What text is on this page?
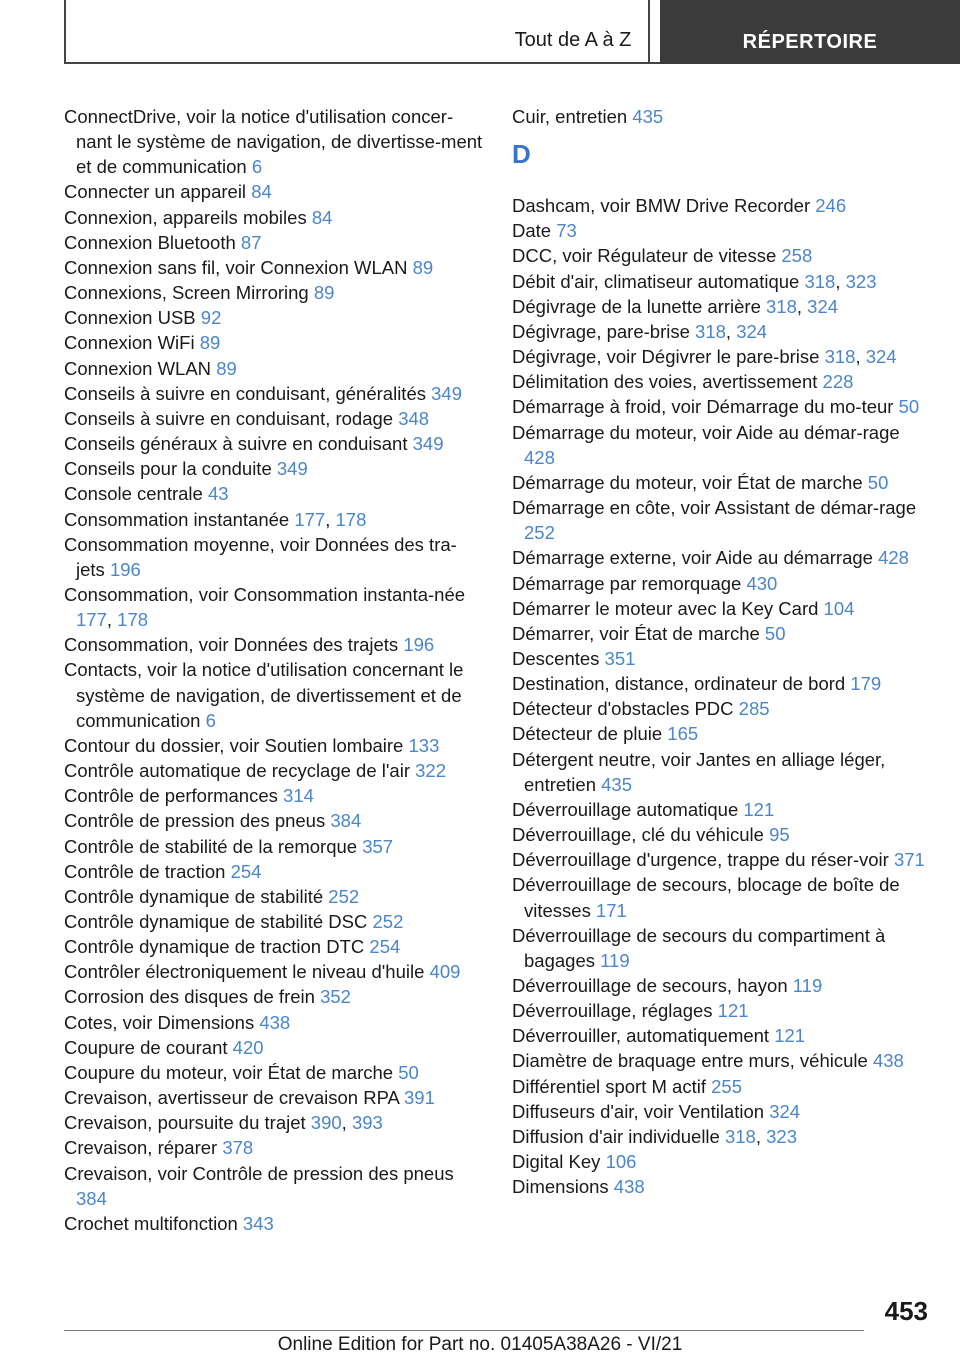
Tout de A à Z	RÉPERTOIRE
ConnectDrive, voir la notice d'utilisation concer-nant le système de navigation, de divertisse-ment et de communication 6
Connecter un appareil 84
Connexion, appareils mobiles 84
Connexion Bluetooth 87
Connexion sans fil, voir Connexion WLAN 89
Connexions, Screen Mirroring 89
Connexion USB 92
Connexion WiFi 89
Connexion WLAN 89
Conseils à suivre en conduisant, généralités 349
Conseils à suivre en conduisant, rodage 348
Conseils généraux à suivre en conduisant 349
Conseils pour la conduite 349
Console centrale 43
Consommation instantanée 177, 178
Consommation moyenne, voir Données des tra-jets 196
Consommation, voir Consommation instanta-née 177, 178
Consommation, voir Données des trajets 196
Contacts, voir la notice d'utilisation concernant le système de navigation, de divertissement et de communication 6
Contour du dossier, voir Soutien lombaire 133
Contrôle automatique de recyclage de l'air 322
Contrôle de performances 314
Contrôle de pression des pneus 384
Contrôle de stabilité de la remorque 357
Contrôle de traction 254
Contrôle dynamique de stabilité 252
Contrôle dynamique de stabilité DSC 252
Contrôle dynamique de traction DTC 254
Contrôler électroniquement le niveau d'huile 409
Corrosion des disques de frein 352
Cotes, voir Dimensions 438
Coupure de courant 420
Coupure du moteur, voir État de marche 50
Crevaison, avertisseur de crevaison RPA 391
Crevaison, poursuite du trajet 390, 393
Crevaison, réparer 378
Crevaison, voir Contrôle de pression des pneus 384
Crochet multifonction 343
Cuir, entretien 435
D
Dashcam, voir BMW Drive Recorder 246
Date 73
DCC, voir Régulateur de vitesse 258
Débit d'air, climatiseur automatique 318, 323
Dégivrage de la lunette arrière 318, 324
Dégivrage, pare-brise 318, 324
Dégivrage, voir Dégivrer le pare-brise 318, 324
Délimitation des voies, avertissement 228
Démarrage à froid, voir Démarrage du mo-teur 50
Démarrage du moteur, voir Aide au démar-rage 428
Démarrage du moteur, voir État de marche 50
Démarrage en côte, voir Assistant de démar-rage 252
Démarrage externe, voir Aide au démarrage 428
Démarrage par remorquage 430
Démarrer le moteur avec la Key Card 104
Démarrer, voir État de marche 50
Descentes 351
Destination, distance, ordinateur de bord 179
Détecteur d'obstacles PDC 285
Détecteur de pluie 165
Détergent neutre, voir Jantes en alliage léger, entretien 435
Déverrouillage automatique 121
Déverrouillage, clé du véhicule 95
Déverrouillage d'urgence, trappe du réser-voir 371
Déverrouillage de secours, blocage de boîte de vitesses 171
Déverrouillage de secours du compartiment à bagages 119
Déverrouillage de secours, hayon 119
Déverrouillage, réglages 121
Déverrouiller, automatiquement 121
Diamètre de braquage entre murs, véhicule 438
Différentiel sport M actif 255
Diffuseurs d'air, voir Ventilation 324
Diffusion d'air individuelle 318, 323
Digital Key 106
Dimensions 438
453
Online Edition for Part no. 01405A38A26 - VI/21
